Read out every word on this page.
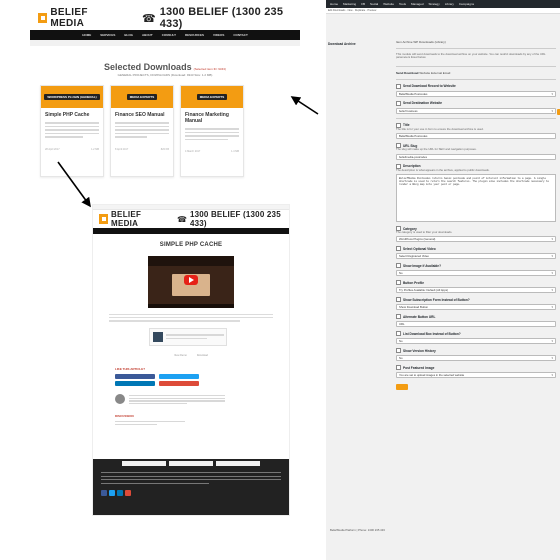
BELIEF MEDIA	☎
1300 BELIEF (1300 235 433)
HOME	SERVICES	BLOG	ABOUT	CONSULT	RESOURCES	VIDEOS	CONTACT
Selected Downloads (Selected item ID: 9343)
GENERAL PROJECTS, DOWNLOADS (Download: 9343 Size: 1.2 MB)
WORDPRESS PLUGIN (GENERAL)
Simple PHP Cache
28 April 2017	1.2 MB
MEDIA EXPERTS
Finance SEO Manual
8 April 2017	820 KB
MEDIA EXPERTS
Finance Marketing Manual
4 March 2017	1.4 MB
BELIEF MEDIA	☎ 1300 BELIEF (1300 235 433)
SIMPLE PHP CACHE
View Demo	Download
LIKE THIS ARTICLE?
DISCUSSION
Home Marketing FB Social Website Tools Managed Strategy Library Campaigns
Edit Downloads · New · Duplicate · Preview
Download Archive	Item Archive WP Downloads (Library)
This module will send downloads to the download archive on your website. You can restrict downloads by any of the URL parameters listed below.
Send Download Website External Email
Send Download Record to Website
BeliefMedia Postcodes ▾
Send Destination Website
belief business
▾
Title
The title is for your use in form to ensure the download archive is used.
BeliefMedia Postcodes
URL Slug
The slug will make up the URL for SEO and navigation purposes.
beliefmedia-postcodes
Description
The description is what appears in the archive, applied to public downloads.
BeliefMedia Postcodes returns basic postcode and point of interest information to a page. A single shortcode is used to return the search features. The plugin also includes the shortcode necessary to render a Bing map into your post or page.
Category
The category is used to filter your downloads.
WordPress Plugins (General) ▾
Select Optional Video
Select Registered Video ▾
Show Image if Available?
No ▾
Button Profile
Try Profiles Available: Default (All Apps) ▾
Show Subscription Form Instead of Button?
Show Download Button ▾
Alternate Button URL
URL
List Download Box Instead of Button?
No ▾
Show Version History
No ▾
Post Featured Image
You are set to upload images in the selected website ▾
BeliefMedia Platform | Phone: 1300 235 433
